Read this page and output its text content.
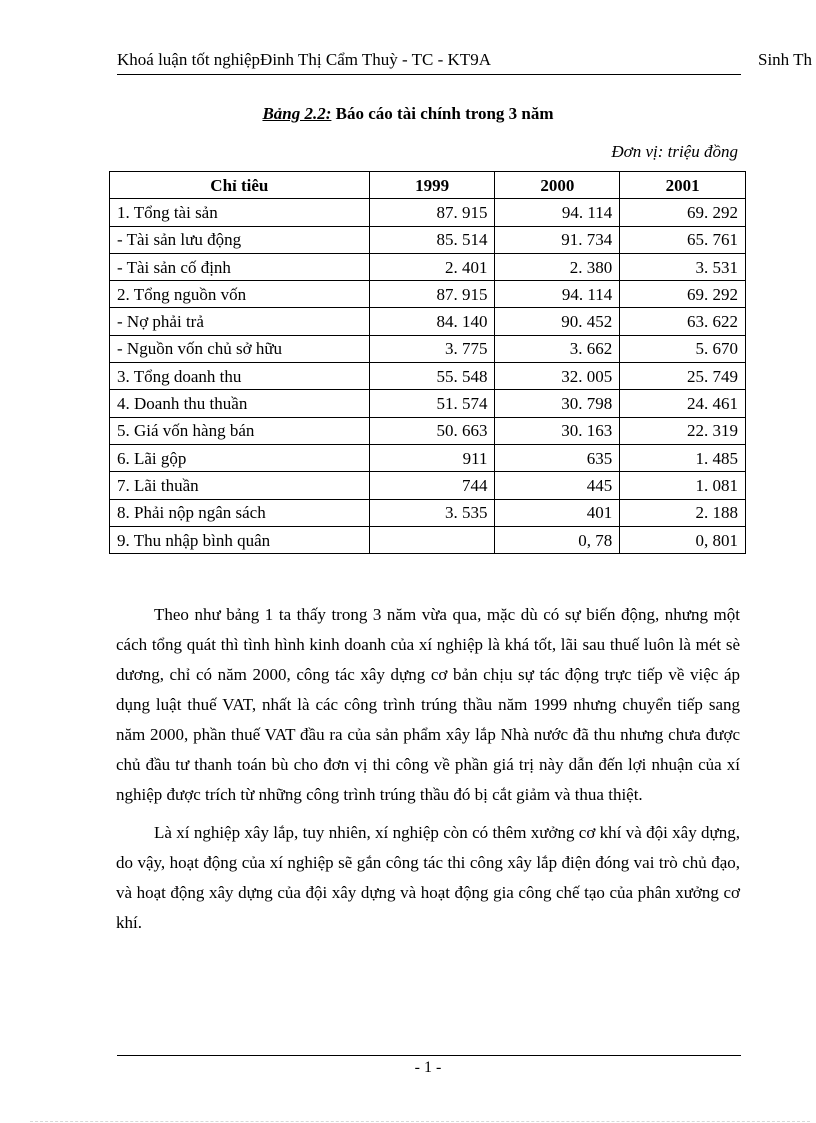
Khoá luận tốt nghiệpĐinh Thị Cẩm Thuỳ - TC - KT9A	Sinh Th
Bảng 2.2: Báo cáo tài chính trong 3 năm
Đơn vị: triệu đồng
Chỉ tiêu	1999	2000	2001
1. Tổng tài sản	87. 915	94. 114	69. 292
- Tài sản lưu động	85. 514	91. 734	65. 761
- Tài sản cố định	2. 401	2. 380	3. 531
2. Tổng nguồn vốn	87. 915	94. 114	69. 292
- Nợ phải trả	84. 140	90. 452	63. 622
- Nguồn vốn chủ sở hữu	3. 775	3. 662	5. 670
3. Tổng doanh thu	55. 548	32. 005	25. 749
4. Doanh thu thuần	51. 574	30. 798	24. 461
5. Giá vốn hàng bán	50. 663	30. 163	22. 319
6. Lãi gộp	911	635	1. 485
7. Lãi thuần	744	445	1. 081
8. Phải nộp ngân sách	3. 535	401	2. 188
9. Thu nhập bình quân		0, 78	0, 801

Theo như bảng 1 ta thấy trong 3 năm vừa qua, mặc dù có sự biến động, nhưng một cách tổng quát thì tình hình kinh doanh của xí nghiệp là khá tốt, lãi sau thuế luôn là mét sè dương, chỉ có năm 2000, công tác xây dựng cơ bản chịu sự tác động trực tiếp về việc áp dụng luật thuế VAT, nhất là các công trình trúng thầu năm 1999 nhưng chuyển tiếp sang năm 2000, phần thuế VAT đầu ra của sản phẩm xây lắp Nhà nước đã thu nhưng chưa được chủ đầu tư thanh toán bù cho đơn vị thi công về phần giá trị này dẫn đến lợi nhuận của xí nghiệp được trích từ những công trình trúng thầu đó bị cắt giảm và thua thiệt.

Là xí nghiệp xây lắp, tuy nhiên, xí nghiệp còn có thêm xưởng cơ khí và đội xây dựng, do vậy, hoạt động của xí nghiệp sẽ gắn công tác thi công xây lắp điện đóng vai trò chủ đạo, và hoạt động xây dựng của đội xây dựng và hoạt động gia công chế tạo của phân xưởng cơ khí.

- 1 -
